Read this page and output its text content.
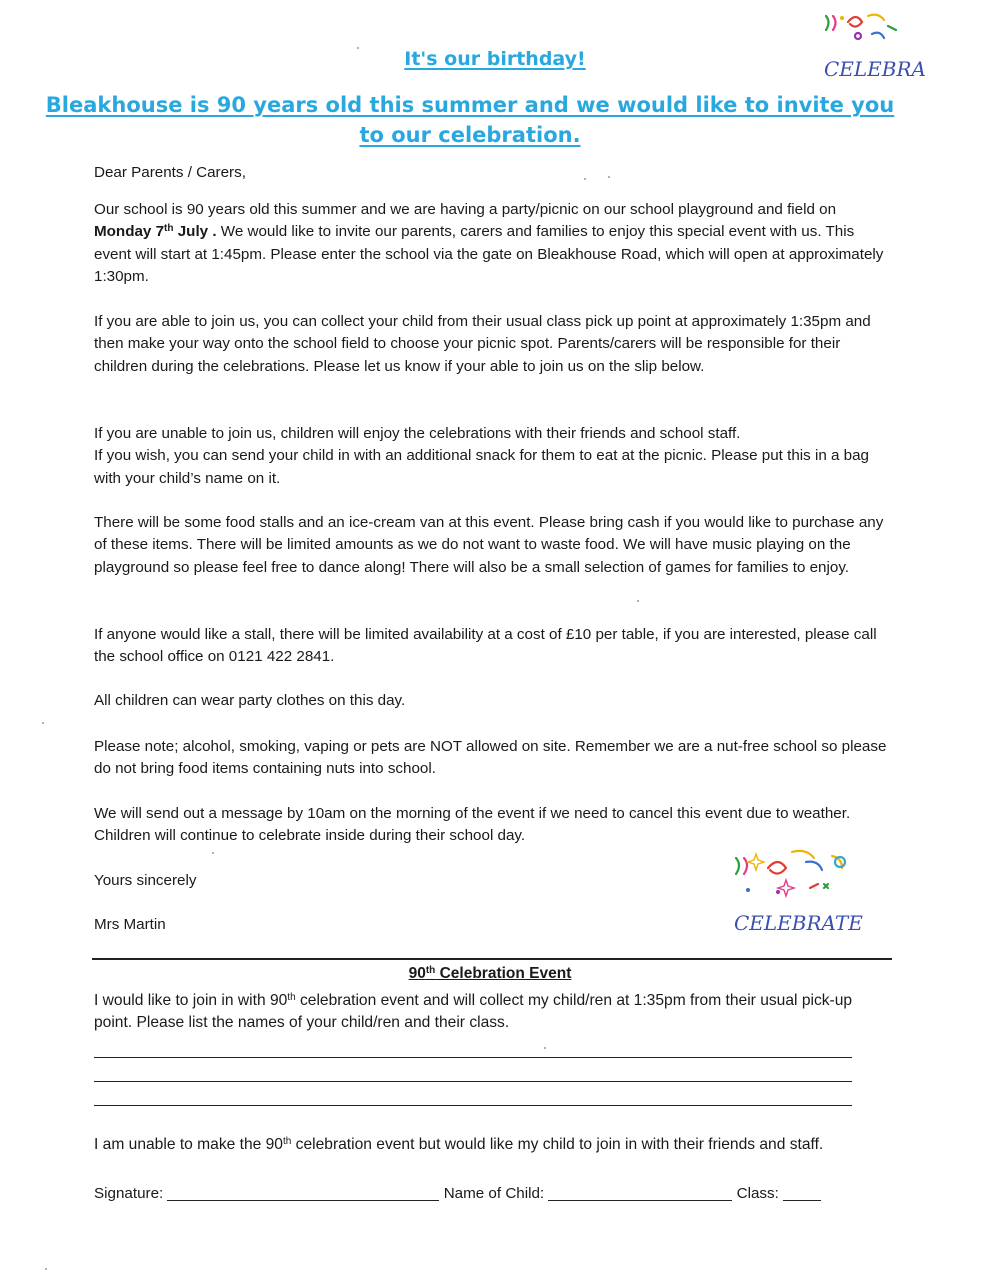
CELEBRA
It's our birthday!
Bleakhouse is 90 years old this summer and we would like to invite you to our celebration.

Dear Parents / Carers,

Our school is 90 years old this summer and we are having a party/picnic on our school playground and field on Monday 7th July . We would like to invite our parents, carers and families to enjoy this special event with us. This event will start at 1:45pm. Please enter the school via the gate on Bleakhouse Road, which will open at approximately 1:30pm.

If you are able to join us, you can collect your child from their usual class pick up point at approximately 1:35pm and then make your way onto the school field to choose your picnic spot. Parents/carers will be responsible for their children during the celebrations. Please let us know if your able to join us on the slip below.

If you are unable to join us, children will enjoy the celebrations with their friends and school staff.
If you wish, you can send your child in with an additional snack for them to eat at the picnic. Please put this in a bag with your child’s name on it.

There will be some food stalls and an ice-cream van at this event. Please bring cash if you would like to purchase any of these items. There will be limited amounts as we do not want to waste food. We will have music playing on the playground so please feel free to dance along! There will also be a small selection of games for families to enjoy.

If anyone would like a stall, there will be limited availability at a cost of £10 per table, if you are interested, please call the school office on 0121 422 2841.

All children can wear party clothes on this day.

Please note; alcohol, smoking, vaping or pets are NOT allowed on site. Remember we are a nut-free school so please do not bring food items containing nuts into school.

We will send out a message by 10am on the morning of the event if we need to cancel this event due to weather. Children will continue to celebrate inside during their school day.

Yours sincerely

Mrs Martin	CELEBRATE
90th Celebration Event

I would like to join in with 90th celebration event and will collect my child/ren at 1:35pm from their usual pick-up point. Please list the names of your child/ren and their class.

I am unable to make the 90th celebration event but would like my child to join in with their friends and staff.

Signature:	Name of Child:	Class:
